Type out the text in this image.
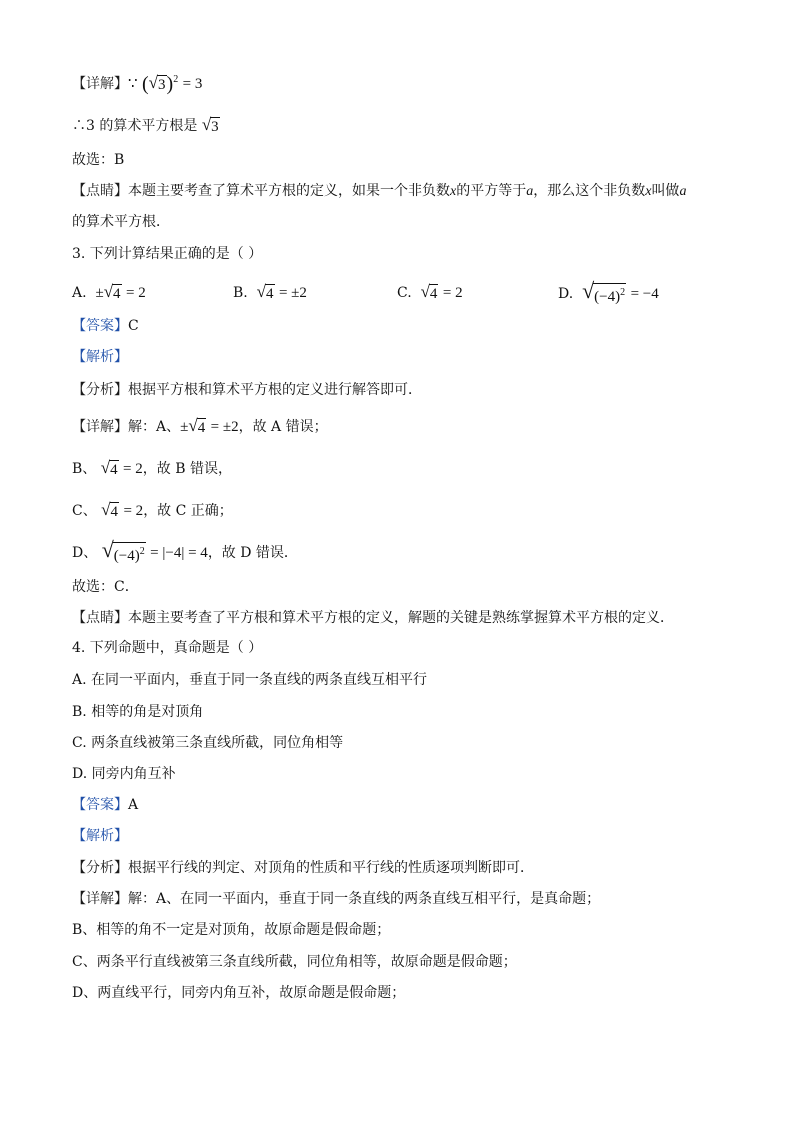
【详解】∵ ( √ 3 )$^2$ = 3
∴3 的算术平方根是 √ 3
故选：B
【点睛】本题主要考查了算术平方根的定义，如果一个非负数x的平方等于a，那么这个非负数x叫做a
的算术平方根．
3. 下列计算结果正确的是（ ）
A. ± √ 4 = 2	B. √ 4 = ±2	C. √ 4 = 2	D. √ $(-4)^2 = -4$
【答案】C
【解析】
【分析】根据平方根和算术平方根的定义进行解答即可．
【详解】解：A、± √ 4 = ±2，故 A 错误；
B、 √ 4 = 2，故 B 错误，
C、 √ 4 = 2，故 C 正确；
D、 √ $(-4)^2 = |-4| = 4$，故 D 错误．
故选：C．
【点睛】本题主要考查了平方根和算术平方根的定义，解题的关键是熟练掌握算术平方根的定义．
4. 下列命题中，真命题是（ ）
A. 在同一平面内，垂直于同一条直线的两条直线互相平行
B. 相等的角是对顶角
C. 两条直线被第三条直线所截，同位角相等
D. 同旁内角互补
【答案】A
【解析】
【分析】根据平行线的判定、对顶角的性质和平行线的性质逐项判断即可．
【详解】解：A、在同一平面内，垂直于同一条直线的两条直线互相平行，是真命题；
B、相等的角不一定是对顶角，故原命题是假命题；
C、两条平行直线被第三条直线所截，同位角相等，故原命题是假命题；
D、两直线平行，同旁内角互补，故原命题是假命题；
